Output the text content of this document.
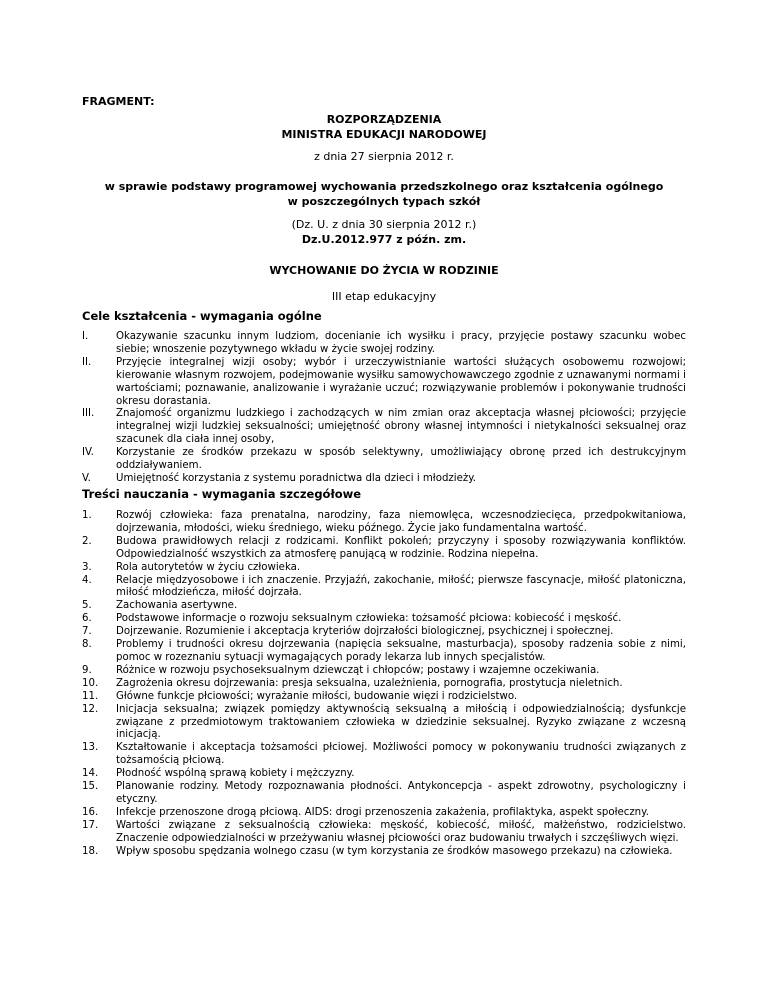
FRAGMENT:
ROZPORZĄDZENIA
MINISTRA EDUKACJI NARODOWEJ
z dnia 27 sierpnia 2012 r.
w sprawie podstawy programowej wychowania przedszkolnego oraz kształcenia ogólnego
w poszczególnych typach szkół
(Dz. U. z dnia 30 sierpnia 2012 r.)
Dz.U.2012.977 z późn. zm.
WYCHOWANIE DO ŻYCIA W RODZINIE
III etap edukacyjny
Cele kształcenia - wymagania ogólne
I.	Okazywanie szacunku innym ludziom, docenianie ich wysiłku i pracy, przyjęcie postawy szacunku wobec siebie; wnoszenie pozytywnego wkładu w życie swojej rodziny.
II.	Przyjęcie integralnej wizji osoby; wybór i urzeczywistnianie wartości służących osobowemu rozwojowi; kierowanie własnym rozwojem, podejmowanie wysiłku samowychowawczego zgodnie z uznawanymi normami i wartościami; poznawanie, analizowanie i wyrażanie uczuć; rozwiązywanie problemów i pokonywanie trudności okresu dorastania.
III.	Znajomość organizmu ludzkiego i zachodzących w nim zmian oraz akceptacja własnej płciowości; przyjęcie integralnej wizji ludzkiej seksualności; umiejętność obrony własnej intymności i nietykalności seksualnej oraz szacunek dla ciała innej osoby,
IV.	Korzystanie ze środków przekazu w sposób selektywny, umożliwiający obronę przed ich destrukcyjnym oddziaływaniem.
V.	Umiejętność korzystania z systemu poradnictwa dla dzieci i młodzieży.
Treści nauczania - wymagania szczegółowe
1.	Rozwój człowieka: faza prenatalna, narodziny, faza niemowlęca, wczesnodziecięca, przedpokwitaniowa, dojrzewania, młodości, wieku średniego, wieku późnego. Życie jako fundamentalna wartość.
2.	Budowa prawidłowych relacji z rodzicami. Konflikt pokoleń; przyczyny i sposoby rozwiązywania konfliktów. Odpowiedzialność wszystkich za atmosferę panującą w rodzinie. Rodzina niepełna.
3.	Rola autorytetów w życiu człowieka.
4.	Relacje międzyosobowe i ich znaczenie. Przyjaźń, zakochanie, miłość; pierwsze fascynacje, miłość platoniczna, miłość młodzieńcza, miłość dojrzała.
5.	Zachowania asertywne.
6.	Podstawowe informacje o rozwoju seksualnym człowieka: tożsamość płciowa: kobiecość i męskość.
7.	Dojrzewanie. Rozumienie i akceptacja kryteriów dojrzałości biologicznej, psychicznej i społecznej.
8.	Problemy i trudności okresu dojrzewania (napięcia seksualne, masturbacja), sposoby radzenia sobie z nimi, pomoc w rozeznaniu sytuacji wymagających porady lekarza lub innych specjalistów.
9.	Różnice w rozwoju psychoseksualnym dziewcząt i chłopców; postawy i wzajemne oczekiwania.
10.	Zagrożenia okresu dojrzewania: presja seksualna, uzależnienia, pornografia, prostytucja nieletnich.
11.	Główne funkcje płciowości; wyrażanie miłości, budowanie więzi i rodzicielstwo.
12.	Inicjacja seksualna; związek pomiędzy aktywnością seksualną a miłością i odpowiedzialnością; dysfunkcje związane z przedmiotowym traktowaniem człowieka w dziedzinie seksualnej. Ryzyko związane z wczesną inicjacją.
13.	Kształtowanie i akceptacja tożsamości płciowej. Możliwości pomocy w pokonywaniu trudności związanych z tożsamością płciową.
14.	Płodność wspólną sprawą kobiety i mężczyzny.
15.	Planowanie rodziny. Metody rozpoznawania płodności. Antykoncepcja - aspekt zdrowotny, psychologiczny i etyczny.
16.	Infekcje przenoszone drogą płciową. AIDS: drogi przenoszenia zakażenia, profilaktyka, aspekt społeczny.
17.	Wartości związane z seksualnością człowieka: męskość, kobiecość, miłość, małżeństwo, rodzicielstwo. Znaczenie odpowiedzialności w przeżywaniu własnej płciowości oraz budowaniu trwałych i szczęśliwych więzi.
18.	Wpływ sposobu spędzania wolnego czasu (w tym korzystania ze środków masowego przekazu) na człowieka.
